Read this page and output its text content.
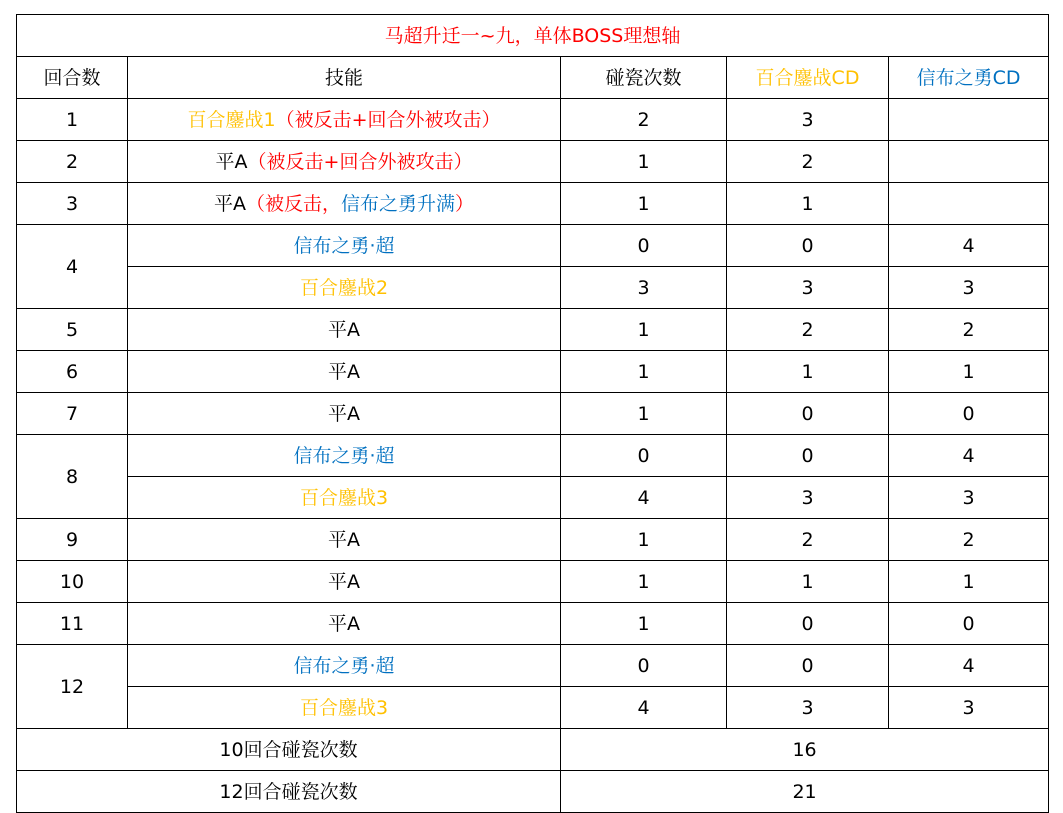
马超升迁一~九，单体BOSS理想轴				
回合数	技能	碰瓷次数	百合鏖战CD	信布之勇CD
1	百合鏖战1（被反击+回合外被攻击）	2	3	
2	平A（被反击+回合外被攻击）	1	2	
3	平A（被反击，信布之勇升满）	1	1	
4	信布之勇·超	0	0	4
	百合鏖战2	3	3	3
5	平A	1	2	2
6	平A	1	1	1
7	平A	1	0	0
8	信布之勇·超	0	0	4
	百合鏖战3	4	3	3
9	平A	1	2	2
10	平A	1	1	1
11	平A	1	0	0
12	信布之勇·超	0	0	4
	百合鏖战3	4	3	3
10回合碰瓷次数		16		
12回合碰瓷次数		21		
